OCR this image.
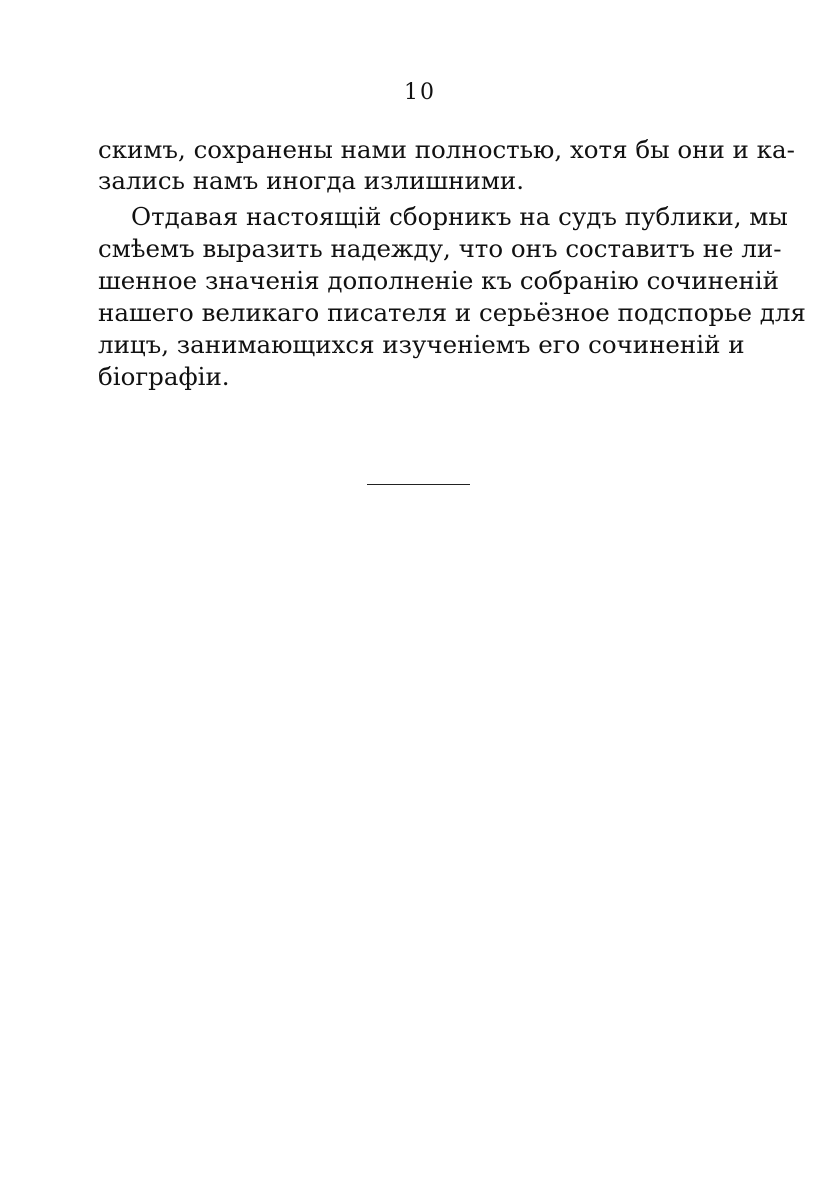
10
скимъ, сохранены нами полностью, хотя бы они и ка-
зались намъ иногда излишними.
Отдавая настоящій сборникъ на судъ публики, мы
смѣемъ выразить надежду, что онъ составитъ не ли-
шенное значенія дополненіе къ собранію сочиненій
нашего великаго писателя и серьёзное подспорье для
лицъ, занимающихся изученіемъ его сочиненій и
біографіи.
